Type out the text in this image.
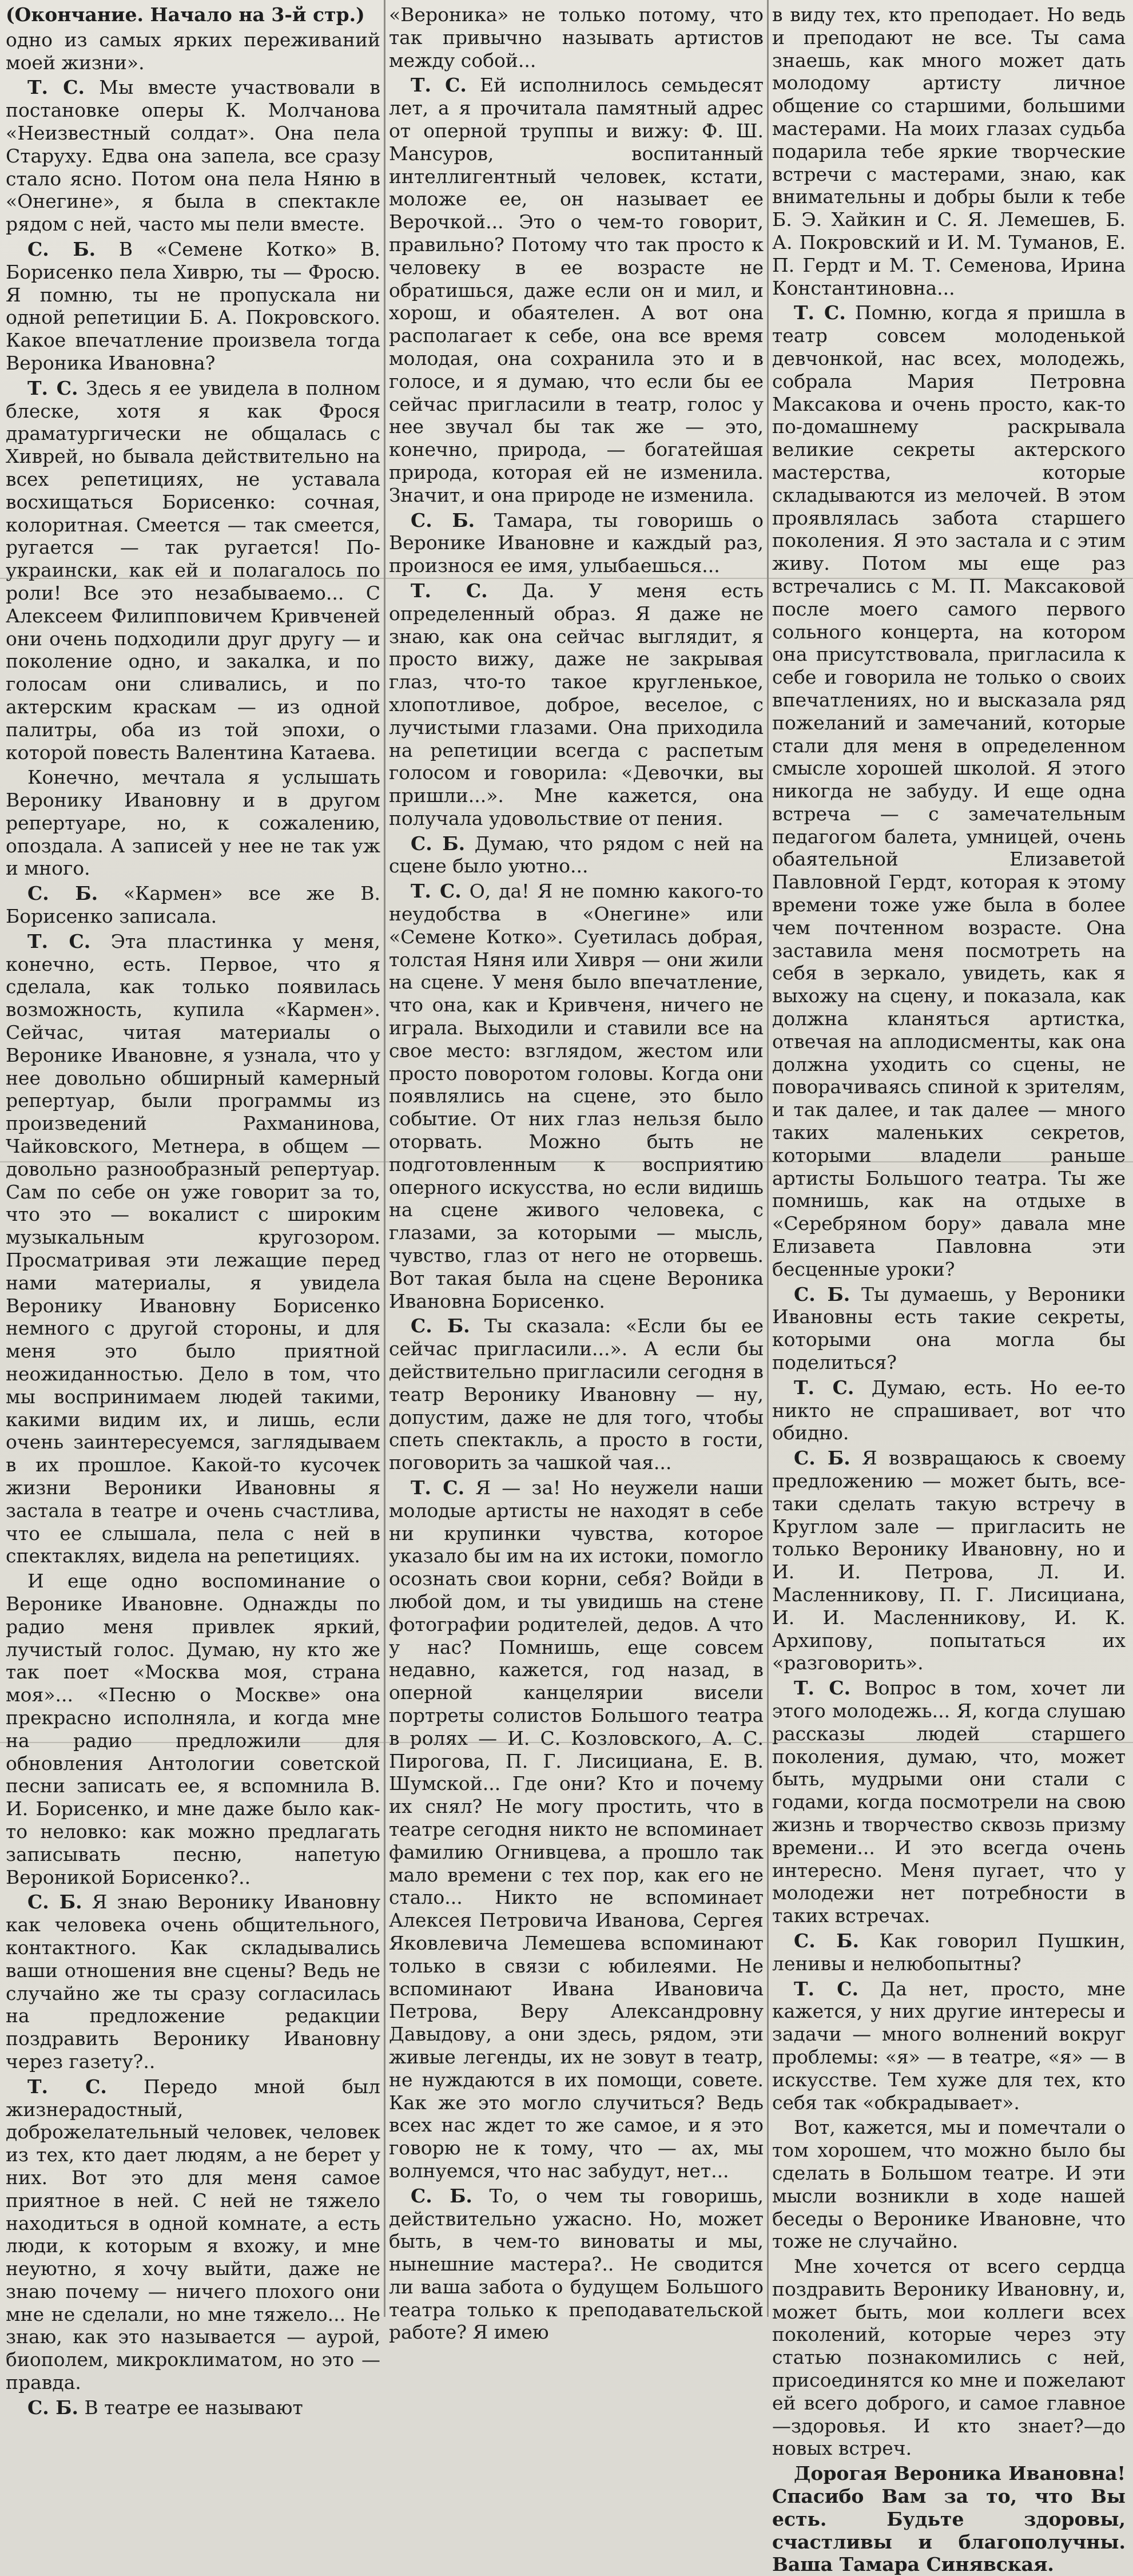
(Окончание. Начало на 3-й стр.)

одно из самых ярких переживаний моей жизни».

Т. С. Мы вместе участвовали в постановке оперы К. Молчанова «Неизвестный солдат». Она пела Старуху. Едва она запела, все сразу стало ясно. Потом она пела Няню в «Онегине», я была в спектакле рядом с ней, часто мы пели вместе.

С. Б. В «Семене Котко» В. Борисенко пела Хиврю, ты — Фросю. Я помню, ты не пропускала ни одной репетиции Б. А. Покровского. Какое впечатление произвела тогда Вероника Ивановна?

Т. С. Здесь я ее увидела в полном блеске, хотя я как Фрося драматургически не общалась с Хиврей, но бывала действительно на всех репетициях, не уставала восхищаться Борисенко: сочная, колоритная. Смеется — так смеется, ругается — так ругается! По-украински, как ей и полагалось по роли! Все это незабываемо... С Алексеем Филипповичем Кривченей они очень подходили друг другу — и поколение одно, и закалка, и по голосам они сливались, и по актерским краскам — из одной палитры, оба из той эпохи, о которой повесть Валентина Катаева.

Конечно, мечтала я услышать Веронику Ивановну и в другом репертуаре, но, к сожалению, опоздала. А записей у нее не так уж и много.

С. Б. «Кармен» все же В. Борисенко записала.

Т. С. Эта пластинка у меня, конечно, есть. Первое, что я сделала, как только появилась возможность, купила «Кармен». Сейчас, читая материалы о Веронике Ивановне, я узнала, что у нее довольно обширный камерный репертуар, были программы из произведений Рахманинова, Чайковского, Метнера, в общем — довольно разнообразный репертуар. Сам по себе он уже говорит за то, что это — вокалист с широким музыкальным кругозором. Просматривая эти лежащие перед нами материалы, я увидела Веронику Ивановну Борисенко немного с другой стороны, и для меня это было приятной неожиданностью. Дело в том, что мы воспринимаем людей такими, какими видим их, и лишь, если очень заинтересуемся, заглядываем в их прошлое. Какой-то кусочек жизни Вероники Ивановны я застала в театре и очень счастлива, что ее слышала, пела с ней в спектаклях, видела на репетициях.

И еще одно воспоминание о Веронике Ивановне. Однажды по радио меня привлек яркий, лучистый голос. Думаю, ну кто же так поет «Москва моя, страна моя»... «Песню о Москве» она прекрасно исполняла, и когда мне на радио предложили для обновления Антологии советской песни записать ее, я вспомнила В. И. Борисенко, и мне даже было как-то неловко: как можно предлагать записывать песню, напетую Вероникой Борисенко?..

С. Б. Я знаю Веронику Ивановну как человека очень общительного, контактного. Как складывались ваши отношения вне сцены? Ведь не случайно же ты сразу согласилась на предложение редакции поздравить Веронику Ивановну через газету?..

Т. С. Передо мной был жизнерадостный, доброжелательный человек, человек из тех, кто дает людям, а не берет у них. Вот это для меня самое приятное в ней. С ней не тяжело находиться в одной комнате, а есть люди, к которым я вхожу, и мне неуютно, я хочу выйти, даже не знаю почему — ничего плохого они мне не сделали, но мне тяжело... Не знаю, как это называется — аурой, биополем, микроклиматом, но это — правда.

С. Б. В театре ее называют

«Вероника» не только потому, что так привычно называть артистов между собой...

Т. С. Ей исполнилось семьдесят лет, а я прочитала памятный адрес от оперной труппы и вижу: Ф. Ш. Мансуров, воспитанный интеллигентный человек, кстати, моложе ее, он называет ее Верочкой... Это о чем-то говорит, правильно? Потому что так просто к человеку в ее возрасте не обратишься, даже если он и мил, и хорош, и обаятелен. А вот она располагает к себе, она все время молодая, она сохранила это и в голосе, и я думаю, что если бы ее сейчас пригласили в театр, голос у нее звучал бы так же — это, конечно, природа, — богатейшая природа, которая ей не изменила. Значит, и она природе не изменила.

С. Б. Тамара, ты говоришь о Веронике Ивановне и каждый раз, произнося ее имя, улыбаешься...

Т. С. Да. У меня есть определенный образ. Я даже не знаю, как она сейчас выглядит, я просто вижу, даже не закрывая глаз, что-то такое кругленькое, хлопотливое, доброе, веселое, с лучистыми глазами. Она приходила на репетиции всегда с распетым голосом и говорила: «Девочки, вы пришли...». Мне кажется, она получала удовольствие от пения.

С. Б. Думаю, что рядом с ней на сцене было уютно...

Т. С. О, да! Я не помню какого-то неудобства в «Онегине» или «Семене Котко». Суетилась добрая, толстая Няня или Хивря — они жили на сцене. У меня было впечатление, что она, как и Кривченя, ничего не играла. Выходили и ставили все на свое место: взглядом, жестом или просто поворотом головы. Когда они появлялись на сцене, это было событие. От них глаз нельзя было оторвать. Можно быть не подготовленным к восприятию оперного искусства, но если видишь на сцене живого человека, с глазами, за которыми — мысль, чувство, глаз от него не оторвешь. Вот такая была на сцене Вероника Ивановна Борисенко.

С. Б. Ты сказала: «Если бы ее сейчас пригласили...». А если бы действительно пригласили сегодня в театр Веронику Ивановну — ну, допустим, даже не для того, чтобы спеть спектакль, а просто в гости, поговорить за чашкой чая...

Т. С. Я — за! Но неужели наши молодые артисты не находят в себе ни крупинки чувства, которое указало бы им на их истоки, помогло осознать свои корни, себя? Войди в любой дом, и ты увидишь на стене фотографии родителей, дедов. А что у нас? Помнишь, еще совсем недавно, кажется, год назад, в оперной канцелярии висели портреты солистов Большого театра в ролях — И. С. Козловского, А. С. Пирогова, П. Г. Лисициана, Е. В. Шумской... Где они? Кто и почему их снял? Не могу простить, что в театре сегодня никто не вспоминает фамилию Огнивцева, а прошло так мало времени с тех пор, как его не стало... Никто не вспоминает Алексея Петровича Иванова, Сергея Яковлевича Лемешева вспоминают только в связи с юбилеями. Не вспоминают Ивана Ивановича Петрова, Веру Александровну Давыдову, а они здесь, рядом, эти живые легенды, их не зовут в театр, не нуждаются в их помощи, совете. Как же это могло случиться? Ведь всех нас ждет то же самое, и я это говорю не к тому, что — ах, мы волнуемся, что нас забудут, нет...

С. Б. То, о чем ты говоришь, действительно ужасно. Но, может быть, в чем-то виноваты и мы, нынешние мастера?.. Не сводится ли ваша забота о будущем Большого театра только к преподавательской работе? Я имею

в виду тех, кто преподает. Но ведь и преподают не все. Ты сама знаешь, как много может дать молодому артисту личное общение со старшими, большими мастерами. На моих глазах судьба подарила тебе яркие творческие встречи с мастерами, знаю, как внимательны и добры были к тебе Б. Э. Хайкин и С. Я. Лемешев, Б. А. Покровский и И. М. Туманов, Е. П. Гердт и М. Т. Семенова, Ирина Константиновна...

Т. С. Помню, когда я пришла в театр совсем молоденькой девчонкой, нас всех, молодежь, собрала Мария Петровна Максакова и очень просто, как-то по-домашнему раскрывала великие секреты актерского мастерства, которые складываются из мелочей. В этом проявлялась забота старшего поколения. Я это застала и с этим живу. Потом мы еще раз встречались с М. П. Максаковой после моего самого первого сольного концерта, на котором она присутствовала, пригласила к себе и говорила не только о своих впечатлениях, но и высказала ряд пожеланий и замечаний, которые стали для меня в определенном смысле хорошей школой. Я этого никогда не забуду. И еще одна встреча — с замечательным педагогом балета, умницей, очень обаятельной Елизаветой Павловной Гердт, которая к этому времени тоже уже была в более чем почтенном возрасте. Она заставила меня посмотреть на себя в зеркало, увидеть, как я выхожу на сцену, и показала, как должна кланяться артистка, отвечая на аплодисменты, как она должна уходить со сцены, не поворачиваясь спиной к зрителям, и так далее, и так далее — много таких маленьких секретов, которыми владели раньше артисты Большого театра. Ты же помнишь, как на отдыхе в «Серебряном бору» давала мне Елизавета Павловна эти бесценные уроки?

С. Б. Ты думаешь, у Вероники Ивановны есть такие секреты, которыми она могла бы поделиться?

Т. С. Думаю, есть. Но ее-то никто не спрашивает, вот что обидно.

С. Б. Я возвращаюсь к своему предложению — может быть, все-таки сделать такую встречу в Круглом зале — пригласить не только Веронику Ивановну, но и И. И. Петрова, Л. И. Масленникову, П. Г. Лисициана, И. И. Масленникову, И. К. Архипову, попытаться их «разговорить».

Т. С. Вопрос в том, хочет ли этого молодежь... Я, когда слушаю рассказы людей старшего поколения, думаю, что, может быть, мудрыми они стали с годами, когда посмотрели на свою жизнь и творчество сквозь призму времени... И это всегда очень интересно. Меня пугает, что у молодежи нет потребности в таких встречах.

С. Б. Как говорил Пушкин, ленивы и нелюбопытны?

Т. С. Да нет, просто, мне кажется, у них другие интересы и задачи — много волнений вокруг проблемы: «я» — в театре, «я» — в искусстве. Тем хуже для тех, кто себя так «обкрадывает».

Вот, кажется, мы и помечтали о том хорошем, что можно было бы сделать в Большом театре. И эти мысли возникли в ходе нашей беседы о Веронике Ивановне, что тоже не случайно.

Мне хочется от всего сердца поздравить Веронику Ивановну, и, может быть, мои коллеги всех поколений, которые через эту статью познакомились с ней, присоединятся ко мне и пожелают ей всего доброго, и самое главное—здоровья. И кто знает?—до новых встреч.

Дорогая Вероника Ивановна! Спасибо Вам за то, что Вы есть. Будьте здоровы, счастливы и благополучны. Ваша Тамара Синявская.
